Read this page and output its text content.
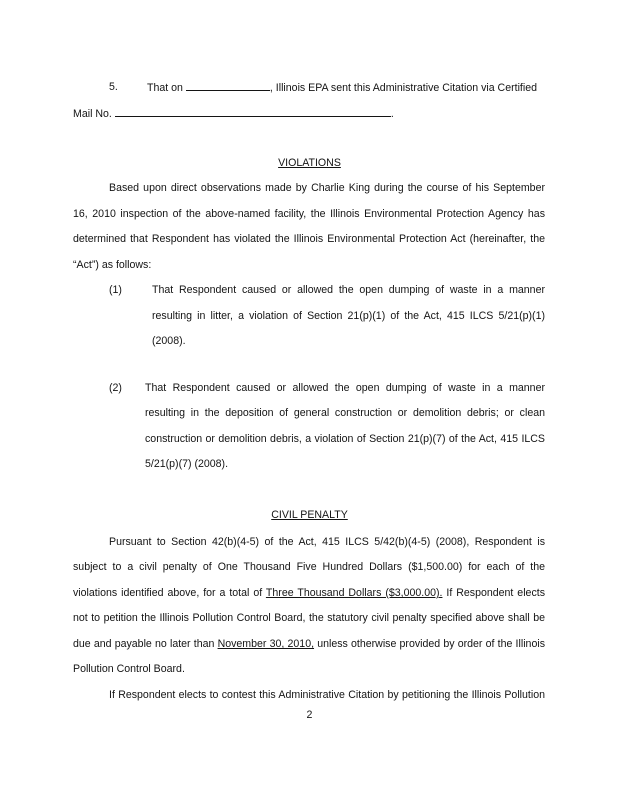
5.	That on	, Illinois EPA sent this Administrative Citation via Certified
Mail No.	.
VIOLATIONS
Based upon direct observations made by Charlie King during the course of his September
16, 2010 inspection of the above-named facility, the Illinois Environmental Protection Agency has
determined that Respondent has violated the Illinois Environmental Protection Act (hereinafter, the
“Act”) as follows:
(1)	That Respondent caused or allowed the open dumping of waste in a manner
resulting in litter, a violation of Section 21(p)(1) of the Act, 415 ILCS 5/21(p)(1)
(2008).
(2) That Respondent caused or allowed the open dumping of waste in a manner
resulting in the deposition of general construction or demolition debris; or clean
construction or demolition debris, a violation of Section 21(p)(7) of the Act, 415 ILCS
5/21(p)(7) (2008).
CIVIL PENALTY
Pursuant to Section 42(b)(4-5) of the Act, 415 ILCS 5/42(b)(4-5) (2008), Respondent is
subject to a civil penalty of One Thousand Five Hundred Dollars ($1,500.00) for each of the
violations identified above, for a total of Three Thousand Dollars ($3,000.00). If Respondent elects
not to petition the Illinois Pollution Control Board, the statutory civil penalty specified above shall be
due and payable no later than November 30, 2010, unless otherwise provided by order of the Illinois
Pollution Control Board.
If Respondent elects to contest this Administrative Citation by petitioning the Illinois Pollution
2
